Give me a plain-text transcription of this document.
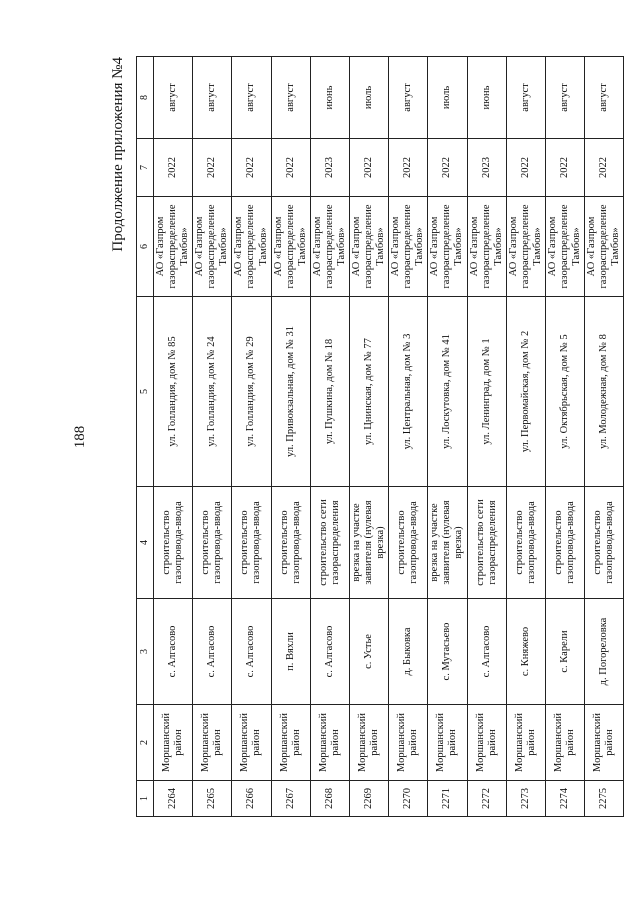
188
Продолжение приложения №4
1	2	3	4	5	6	7	8
2264	Моршанский район	с. Алгасово	строительство газопровода-ввода	ул. Голландия, дом № 85	АО «Газпром газораспределение Тамбов»	2022	август
2265	Моршанский район	с. Алгасово	строительство газопровода-ввода	ул. Голландия, дом № 24	АО «Газпром газораспределение Тамбов»	2022	август
2266	Моршанский район	с. Алгасово	строительство газопровода-ввода	ул. Голландия, дом № 29	АО «Газпром газораспределение Тамбов»	2022	август
2267	Моршанский район	п. Вяхли	строительство газопровода-ввода	ул. Привокзальная, дом № 31	АО «Газпром газораспределение Тамбов»	2022	август
2268	Моршанский район	с. Алгасово	строительство сети газораспределения	ул. Пушкина, дом № 18	АО «Газпром газораспределение Тамбов»	2023	июнь
2269	Моршанский район	с. Устье	врезка на участке заявителя (нулевая врезка)	ул. Цнинская, дом № 77	АО «Газпром газораспределение Тамбов»	2022	июль
2270	Моршанский район	д. Быковка	строительство газопровода-ввода	ул. Центральная, дом № 3	АО «Газпром газораспределение Тамбов»	2022	август
2271	Моршанский район	с. Мутасьево	врезка на участке заявителя (нулевая врезка)	ул. Лоскутовка, дом № 41	АО «Газпром газораспределение Тамбов»	2022	июль
2272	Моршанский район	с. Алгасово	строительство сети газораспределения	ул. Ленинград, дом № 1	АО «Газпром газораспределение Тамбов»	2023	июнь
2273	Моршанский район	с. Княжево	строительство газопровода-ввода	ул. Первомайская, дом № 2	АО «Газпром газораспределение Тамбов»	2022	август
2274	Моршанский район	с. Карели	строительство газопровода-ввода	ул. Октябрьская, дом № 5	АО «Газпром газораспределение Тамбов»	2022	август
2275	Моршанский район	д. Погореловка	строительство газопровода-ввода	ул. Молодежная, дом № 8	АО «Газпром газораспределение Тамбов»	2022	август
